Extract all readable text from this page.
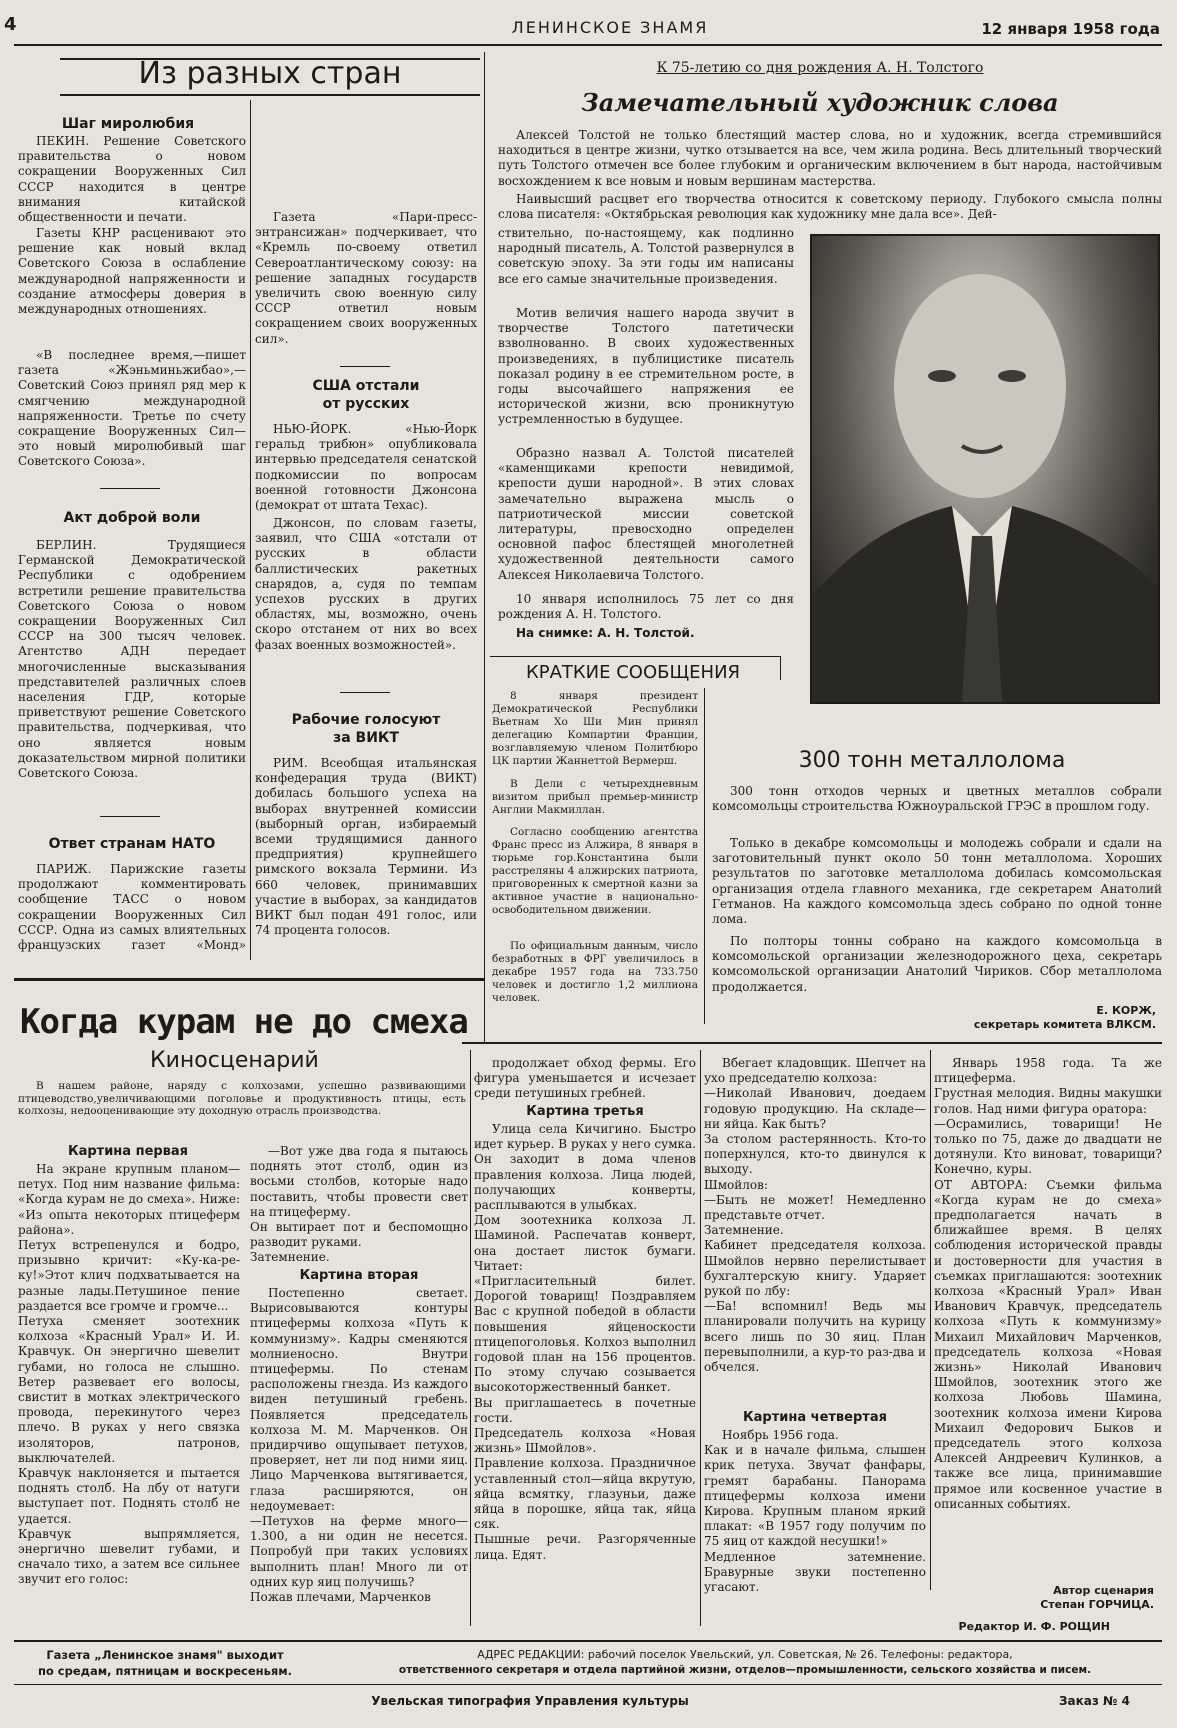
4	ЛЕНИНСКОЕ ЗНАМЯ	12 января 1958 года
Из разных стран
Шаг миролюбия

ПЕКИН. Решение Советского правительства о новом сокращении Вооруженных Сил СССР находится в центре внимания китайской общественности и печати.

Газеты КНР расценивают это решение как новый вклад Советского Союза в ослабление международной напряженности и создание атмосферы доверия в международных отношениях.

«В последнее время,—пишет газета «Жэньминьжибао»,—Советский Союз принял ряд мер к смягчению международной напряженности. Третье по счету сокращение Вооруженных Сил—это новый миролюбивый шаг Советского Союза».

Акт доброй воли

БЕРЛИН. Трудящиеся Германской Демократической Республики с одобрением встретили решение правительства Советского Союза о новом сокращении Вооруженных Сил СССР на 300 тысяч человек. Агентство АДН передает многочисленные высказывания представителей различных слоев населения ГДР, которые приветствуют решение Советского правительства, подчеркивая, что оно является новым доказательством мирной политики Советского Союза.

Ответ странам НАТО

ПАРИЖ. Парижские газеты продолжают комментировать сообщение ТАСС о новом сокращении Вооруженных Сил СССР. Одна из самых влиятельных французских газет «Монд»

Газета «Пари-пресс-энтрансижан» подчеркивает, что «Кремль по-своему ответил Североатлантическому союзу: на решение западных государств увеличить свою военную силу СССР ответил новым сокращением своих вооруженных сил».

США отстали
от русских

НЬЮ-ЙОРК. «Нью-Йорк геральд трибюн» опубликовала интервью председателя сенатской подкомиссии по вопросам военной готовности Джонсона (демократ от штата Техас).

Джонсон, по словам газеты, заявил, что США «отстали от русских в области баллистических ракетных снарядов, а, судя по темпам успехов русских в других областях, мы, возможно, очень скоро отстанем от них во всех фазах военных возможностей».

Рабочие голосуют
за ВИКТ

РИМ. Всеобщая итальянская конфедерация труда (ВИКТ) добилась большого успеха на выборах внутренней комиссии (выборный орган, избираемый всеми трудящимися данного предприятия) крупнейшего римского вокзала Термини. Из 660 человек, принимавших участие в выборах, за кандидатов ВИКТ был подан 491 голос, или 74 процента голосов.

К 75-летию со дня рождения А. Н. Толстого
Замечательный художник слова

Алексей Толстой не только блестящий мастер слова, но и художник, всегда стремившийся находиться в центре жизни, чутко отзывается на все, чем жила родина. Весь длительный творческий путь Толстого отмечен все более глубоким и органическим включением в быт народа, настойчивым восхождением к все новым и новым вершинам мастерства.

Наивысший расцвет его творчества относится к советскому периоду. Глубокого смысла полны слова писателя: «Октябрьская революция как художнику мне дала все». Дей-

ствительно, по-настоящему, как подлинно народный писатель, А. Толстой развернулся в советскую эпоху. За эти годы им написаны все его самые значительные произведения.

Мотив величия нашего народа звучит в творчестве Толстого патетически взволнованно. В своих художественных произведениях, в публицистике писатель показал родину в ее стремительном росте, в годы высочайшего напряжения ее исторической жизни, всю проникнутую устремленностью в будущее.

Образно назвал А. Толстой писателей «каменщиками крепости невидимой, крепости души народной». В этих словах замечательно выражена мысль о патриотической миссии советской литературы, превосходно определен основной пафос блестящей многолетней художественной деятельности самого Алексея Николаевича Толстого.

10 января исполнилось 75 лет со дня рождения А. Н. Толстого.

На снимке: А. Н. Толстой.

КРАТКИЕ СООБЩЕНИЯ

8 января президент Демократической Республики Вьетнам Хо Ши Мин принял делегацию Компартии Франции, возглавляемую членом Политбюро ЦК партии Жаннеттой Вермерш.

В Дели с четырехдневным визитом прибыл премьер-министр Англии Макмиллан.

Согласно сообщению агентства Франс пресс из Алжира, 8 января в тюрьме гор.Константина были расстреляны 4 алжирских патриота, приговоренных к смертной казни за активное участие в национально-освободительном движении.

По официальным данным, число безработных в ФРГ увеличилось в декабре 1957 года на 733.750 человек и достигло 1,2 миллиона человек.

300 тонн металлолома

300 тонн отходов черных и цветных металлов собрали комсомольцы строительства Южноуральской ГРЭС в прошлом году.

Только в декабре комсомольцы и молодежь собрали и сдали на заготовительный пункт около 50 тонн металлолома. Хороших результатов по заготовке металлолома добилась комсомольская организация отдела главного механика, где секретарем Анатолий Гетманов. На каждого комсомольца здесь собрано по одной тонне лома.

По полторы тонны собрано на каждого комсомольца в комсомольской организации железнодорожного цеха, секретарь комсомольской организации Анатолий Чириков. Сбор металлолома продолжается.

Е. КОРЖ,

секретарь комитета ВЛКСМ.

Когда курам не до смеха
Киносценарий

В нашем районе, наряду с колхозами, успешно развивающими птицеводство,увеличивающими поголовье и продуктивность птицы, есть колхозы, недооценивающие эту доходную отрасль производства.

Картина первая

На экране крупным планом—петух. Под ним название фильма: «Когда курам не до смеха». Ниже: «Из опыта некоторых птицеферм района».
Петух встрепенулся и бодро, призывно кричит: «Ку-ка-ре-ку!»Этот клич подхватывается на разные лады.Петушиное пение раздается все громче и громче...
Петуха сменяет зоотехник колхоза «Красный Урал» И. И. Кравчук. Он энергично шевелит губами, но голоса не слышно. Ветер развевает его волосы, свистит в мотках электрического провода, перекинутого через плечо. В руках у него связка изоляторов, патронов, выключателей.
Кравчук наклоняется и пытается поднять столб. На лбу от натуги выступает пот. Поднять столб не удается.
Кравчук выпрямляется, энергично шевелит губами, и сначало тихо, а затем все сильнее звучит его голос:

—Вот уже два года я пытаюсь поднять этот столб, один из восьми столбов, которые надо поставить, чтобы провести свет на птицеферму.
Он вытирает пот и беспомощно разводит руками.
Затемнение.

Картина вторая

Постепенно светает. Вырисовываются контуры птицефермы колхоза «Путь к коммунизму». Кадры сменяются молниеносно. Внутри птицефермы. По стенам расположены гнезда. Из каждого виден петушиный гребень. Появляется председатель колхоза М. М. Марченков. Он придирчиво ощупывает петухов, проверяет, нет ли под ними яиц. Лицо Марченкова вытягивается, глаза расширяются, он недоумевает:
—Петухов на ферме много—1.300, а ни один не несется. Попробуй при таких условиях выполнить план! Много ли от одних кур яиц получишь?
Пожав плечами, Марченков

продолжает обход фермы. Его фигура уменьшается и исчезает среди петушиных гребней.

Картина третья

Улица села Кичигино. Быстро идет курьер. В руках у него сумка. Он заходит в дома членов правления колхоза. Лица людей, получающих конверты, расплываются в улыбках.
Дом зоотехника колхоза Л. Шаминой. Распечатав конверт, она достает листок бумаги. Читает:
«Пригласительный билет. Дорогой товарищ! Поздравляем Вас с крупной победой в области повышения яйценоскости птицепоголовья. Колхоз выполнил годовой план на 156 процентов. По этому случаю созывается высокоторжественный банкет.
Вы приглашаетесь в почетные гости.
Председатель колхоза «Новая жизнь» Шмойлов».
Правление колхоза. Праздничное уставленный стол—яйца вкрутую, яйца всмятку, глазуньи, даже яйца в порошке, яйца так, яйца сяк.
Пышные речи. Разгоряченные лица. Едят.

Вбегает кладовщик. Шепчет на ухо председателю колхоза:
—Николай Иванович, доедаем годовую продукцию. На складе—ни яйца. Как быть?
За столом растерянность. Кто-то поперхнулся, кто-то двинулся к выходу.
Шмойлов:
—Быть не может! Немедленно представьте отчет.
Затемнение.
Кабинет председателя колхоза. Шмойлов нервно перелистывает бухгалтерскую книгу. Ударяет рукой по лбу:
—Ба! вспомнил! Ведь мы планировали получить на курицу всего лишь по 30 яиц. План перевыполнили, а кур-то раз-два и обчелся.

Картина четвертая

Ноябрь 1956 года.
Как и в начале фильма, слышен крик петуха. Звучат фанфары, гремят барабаны. Панорама птицефермы колхоза имени Кирова. Крупным планом яркий плакат: «В 1957 году получим по 75 яиц от каждой несушки!»
Медленное затемнение. Бравурные звуки постепенно угасают.

Январь 1958 года. Та же птицеферма.
Грустная мелодия. Видны макушки голов. Над ними фигура оратора:
—Осрамились, товарищи! Не только по 75, даже до двадцати не дотянули. Кто виноват, товарищи? Конечно, куры.
ОТ АВТОРА: Съемки фильма «Когда курам не до смеха» предполагается начать в ближайшее время. В целях соблюдения исторической правды и достоверности для участия в съемках приглашаются: зоотехник колхоза «Красный Урал» Иван Иванович Кравчук, председатель колхоза «Путь к коммунизму» Михаил Михайлович Марченков, председатель колхоза «Новая жизнь» Николай Иванович Шмойлов, зоотехник этого же колхоза Любовь Шамина, зоотехник колхоза имени Кирова Михаил Федорович Быков и председатель этого колхоза Алексей Андреевич Кулинков, а также все лица, принимавшие прямое или косвенное участие в описанных событиях.

Автор сценария

Степан ГОРЧИЦА.

Редактор И. Ф. РОЩИН

Газета „Ленинское знамя" выходит

по средам, пятницам и воскресеньям.

АДРЕС РЕДАКЦИИ: рабочий поселок Увельский, ул. Советская, № 26. Телефоны: редактора,

ответственного секретаря и отдела партийной жизни, отделов—промышленности, сельского хозяйства и писем.

Увельская типография Управления культуры	Заказ № 4
